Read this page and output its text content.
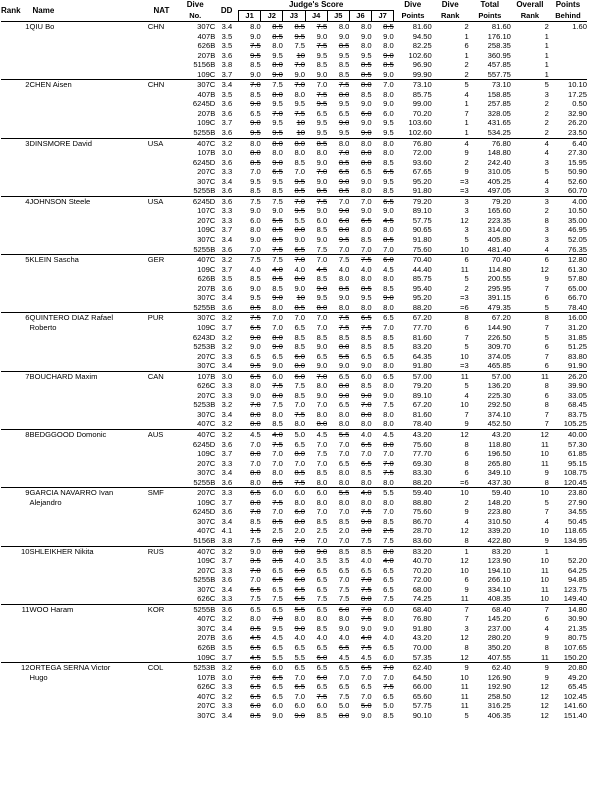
Rank	Name	NAT	Dive	DD	Judge's Score							Dive	Dive	Total	Overall	Points
			No.		J1	J2	J3	J4	J5	J6	J7	Points	Rank	Points	Rank	Behind
1	QIU Bo	CHN	307C	3.4	8.0	8.5	8.5	7.5	8.0	8.0	8.5	81.60	2	81.60	2	1.60
			407B	3.5	9.0	8.5	9.5	9.0	9.0	9.0	9.0	94.50	1	176.10	1	
			626B	3.5	7.5	8.0	7.5	7.5	8.5	8.0	8.0	82.25	6	258.35	1	
			207B	3.6	9.5	9.5	10	9.5	9.5	9.5	9.0	102.60	1	360.95	1	
			5156B	3.8	8.5	8.0	7.0	8.5	8.5	8.5	8.5	96.90	2	457.85	1	
			109C	3.7	9.0	9.0	9.0	9.0	8.5	8.5	9.0	99.90	2	557.75	1	
2	CHEN Aisen	CHN	307C	3.4	7.0	7.5	7.0	7.0	7.5	8.0	7.0	73.10	5	73.10	5	10.10
			407B	3.5	8.5	8.0	8.0	7.5	8.0	8.5	8.0	85.75	4	158.85	3	17.25
			6245D	3.6	9.0	9.5	9.5	9.5	9.5	9.0	9.0	99.00	1	257.85	2	0.50
			207B	3.6	6.5	7.0	7.5	6.5	6.5	6.0	6.0	70.20	7	328.05	2	32.90
			109C	3.7	9.0	9.5	10	9.5	9.0	9.0	9.5	103.60	1	431.65	2	26.20
			5255B	3.6	9.5	9.5	10	9.5	9.5	9.0	9.5	102.60	1	534.25	2	23.50
3	DINSMORE David	USA	407C	3.2	8.0	8.0	8.0	8.5	8.0	8.0	8.0	76.80	4	76.80	4	6.40
			107B	3.0	8.0	8.0	8.0	8.0	7.0	8.0	8.0	72.00	9	148.80	4	27.30
			6245D	3.6	8.5	9.0	8.5	9.0	8.5	8.0	8.5	93.60	2	242.40	3	15.95
			207C	3.3	7.0	6.5	7.0	7.0	6.5	6.5	6.5	67.65	9	310.05	5	50.90
			307C	3.4	9.5	9.5	9.5	9.0	9.0	9.0	9.5	95.20	=3	405.25	4	52.60
			5255B	3.6	8.5	8.5	8.5	8.5	8.5	8.0	8.5	91.80	=3	497.05	3	60.70
4	JOHNSON Steele	USA	6245D	3.6	7.5	7.5	7.0	7.5	7.0	7.0	6.5	79.20	3	79.20	3	4.00
			107C	3.3	9.0	9.0	9.5	9.0	9.0	9.0	9.0	89.10	3	165.60	2	10.50
			207C	3.3	6.0	5.5	5.5	6.0	6.0	6.5	4.5	57.75	12	223.35	8	35.00
			109C	3.7	8.0	8.5	8.0	8.5	8.0	8.0	8.0	90.65	3	314.00	3	46.95
			307C	3.4	9.0	8.5	9.0	9.0	9.5	8.5	8.5	91.80	5	405.80	3	52.05
			5255B	3.6	7.0	7.5	6.5	7.5	7.0	7.0	7.0	75.60	10	481.40	4	76.35
5	KLEIN Sascha	GER	407C	3.2	7.5	7.5	7.0	7.0	7.5	7.5	6.0	70.40	6	70.40	6	12.80
			109C	3.7	4.0	4.0	4.0	4.5	4.0	4.0	4.5	44.40	11	114.80	12	61.30
			626B	3.5	8.5	8.5	8.0	8.5	8.0	8.0	8.0	85.75	5	200.55	9	57.80
			207B	3.6	9.0	8.5	9.0	9.0	8.5	8.5	8.5	95.40	2	295.95	7	65.00
			307C	3.4	9.5	9.0	10	9.5	9.0	9.5	9.0	95.20	=3	391.15	6	66.70
			5255B	3.6	8.5	8.0	8.5	8.0	8.0	8.0	8.0	88.20	=6	479.35	5	78.40
6	QUINTERO DIAZ Rafael	PUR	307C	3.2	7.5	7.0	7.0	7.0	7.5	6.5	6.5	67.20	8	67.20	8	16.00
	Roberto		109C	3.7	6.5	7.0	6.5	7.0	7.5	7.5	7.0	77.70	6	144.90	7	31.20
			6243D	3.2	9.0	8.0	8.5	8.5	8.5	8.5	8.5	81.60	7	226.50	5	31.85
			5253B	3.2	9.0	9.0	8.5	9.0	8.0	8.5	8.5	83.20	5	309.70	6	51.25
			207C	3.3	6.5	6.5	6.0	6.5	5.5	6.5	6.5	64.35	10	374.05	7	83.80
			307C	3.4	9.5	9.0	8.0	9.0	9.0	9.0	8.0	91.80	=3	465.85	6	91.90
7	BOUCHARD Maxim	CAN	107B	3.0	6.5	6.0	6.0	7.0	6.5	6.0	6.5	57.00	11	57.00	11	26.20
			626C	3.3	8.0	7.5	7.5	8.0	8.0	8.5	8.0	79.20	5	136.20	8	39.90
			207C	3.3	9.0	8.0	8.5	9.0	9.0	9.0	9.0	89.10	4	225.30	6	33.05
			5253B	3.2	7.0	7.5	7.0	7.0	6.5	7.0	7.5	67.20	10	292.50	8	68.45
			307C	3.4	8.0	8.0	7.5	8.0	8.0	8.0	8.0	81.60	7	374.10	7	83.75
			407C	3.2	8.0	8.5	8.0	8.0	8.0	8.0	8.0	78.40	9	452.50	7	105.25
8	BEDGGOOD Domonic	AUS	407C	3.2	4.5	4.0	5.0	4.5	5.5	4.0	4.5	43.20	12	43.20	12	40.00
			6245D	3.6	7.0	7.5	6.5	7.0	7.0	6.5	8.0	75.60	8	118.80	11	57.30
			109C	3.7	8.0	7.0	8.0	7.5	7.0	7.0	7.0	77.70	6	196.50	10	61.85
			207C	3.3	7.0	7.0	7.0	7.0	6.5	6.5	7.0	69.30	8	265.80	11	95.15
			307C	3.4	8.0	8.0	8.5	8.5	8.0	8.5	7.5	83.30	6	349.10	9	108.75
			5255B	3.6	8.0	8.5	7.5	8.0	8.0	8.0	8.0	88.20	=6	437.30	8	120.45
9	GARCIA NAVARRO Ivan	SMF	207C	3.3	6.5	6.0	6.0	6.0	5.5	4.0	5.5	59.40	10	59.40	10	23.80
	Alejandro		109C	3.7	8.0	7.5	8.0	8.0	8.0	8.0	8.0	88.80	2	148.20	5	27.90
			6245D	3.6	7.0	7.0	6.0	7.0	7.0	7.5	7.0	75.60	9	223.80	7	34.55
			307C	3.4	8.5	8.5	8.0	8.5	8.5	9.0	8.5	86.70	4	310.50	4	50.45
			407C	4.1	1.5	2.5	2.0	2.5	2.0	3.0	2.5	28.70	12	339.20	10	118.65
			5156B	3.8	7.5	8.0	7.0	7.0	7.0	7.5	7.5	83.60	8	422.80	9	134.95
10	SHLEIKHER Nikita	RUS	407C	3.2	9.0	8.0	9.0	9.0	8.5	8.5	8.0	83.20	1	83.20	1	
			109C	3.7	3.5	3.5	4.0	3.5	3.5	4.0	4.0	40.70	12	123.90	10	52.20
			207C	3.3	7.0	6.5	6.0	6.5	6.5	6.5	6.5	70.20	10	194.10	11	64.25
			5255B	3.6	7.0	6.5	6.0	6.5	7.0	7.0	6.5	72.00	6	266.10	10	94.85
			307C	3.4	6.5	6.5	6.5	6.5	7.5	7.5	6.5	68.00	9	334.10	11	123.75
			626C	3.3	7.5	7.5	6.5	7.5	7.5	8.0	7.5	74.25	11	408.35	10	149.40
11	WOO Haram	KOR	5255B	3.6	6.5	6.5	5.5	6.5	6.0	7.0	6.0	68.40	7	68.40	7	14.80
			407C	3.2	8.0	7.0	8.0	8.0	8.0	7.5	8.0	76.80	7	145.20	6	30.90
			307C	3.4	8.5	9.5	9.0	8.5	9.0	9.0	9.0	91.80	3	237.00	4	21.35
			207B	3.6	4.5	4.5	4.0	4.0	4.0	4.0	4.0	43.20	12	280.20	9	80.75
			626B	3.5	6.5	6.5	6.5	6.5	6.5	7.5	6.5	70.00	8	350.20	8	107.65
			109C	3.7	4.5	5.5	5.5	6.0	4.5	4.5	6.0	57.35	12	407.55	11	150.20
12	ORTEGA SERNA Victor	COL	5253B	3.2	6.0	6.0	6.5	6.5	6.5	6.5	7.0	62.40	9	62.40	9	20.80
	Hugo		107B	3.0	7.0	6.5	7.0	6.0	7.0	7.0	7.0	64.50	10	126.90	9	49.20
			626C	3.3	6.5	6.5	6.5	6.5	6.5	6.5	7.5	66.00	11	192.90	12	65.45
			407C	3.2	6.5	6.5	7.0	7.5	7.5	7.0	6.5	65.60	11	258.50	12	102.45
			207C	3.3	6.0	6.0	6.0	6.0	5.0	5.0	5.0	57.75	11	316.25	12	141.60
			307C	3.4	8.5	9.0	9.0	8.5	8.0	9.0	8.5	90.10	5	406.35	12	151.40
